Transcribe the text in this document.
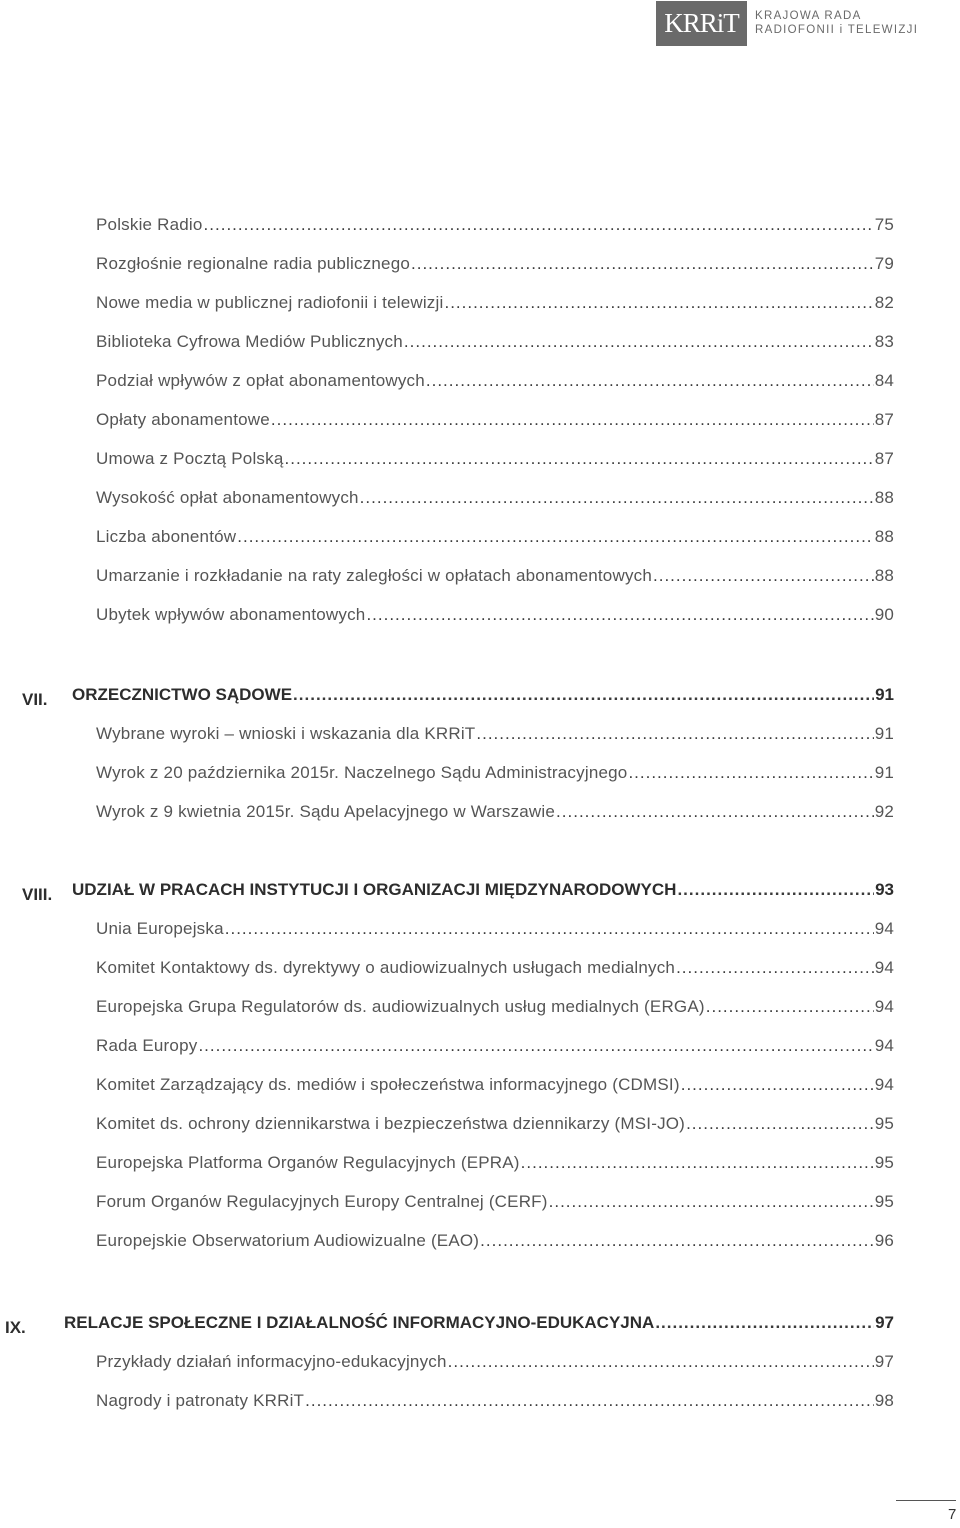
KRRiT	KRAJOWA RADA
RADIOFONII i TELEWIZJI
Polskie Radio .....	75
Rozgłośnie regionalne radia publicznego .....	79
Nowe media w publicznej radiofonii i telewizji .....	82
Biblioteka Cyfrowa Mediów Publicznych .....	83
Podział wpływów z opłat abonamentowych .....	84
Opłaty abonamentowe .....	87
Umowa z Pocztą Polską .....	87
Wysokość opłat abonamentowych .....	88
Liczba abonentów .....	88
Umarzanie i rozkładanie na raty zaległości w opłatach abonamentowych .....	88
Ubytek wpływów abonamentowych .....	90
VII. ORZECZNICTWO SĄDOWE .....	91
Wybrane wyroki – wnioski i wskazania dla KRRiT .....	91
Wyrok z 20 października 2015r. Naczelnego Sądu Administracyjnego .....	91
Wyrok z 9 kwietnia 2015r. Sądu Apelacyjnego w Warszawie .....	92
VIII. UDZIAŁ W PRACACH INSTYTUCJI I ORGANIZACJI MIĘDZYNARODOWYCH .....	93
Unia Europejska .....	94
Komitet Kontaktowy ds. dyrektywy o audiowizualnych usługach medialnych .....	94
Europejska Grupa Regulatorów ds. audiowizualnych usług medialnych (ERGA) .....	94
Rada Europy .....	94
Komitet Zarządzający ds. mediów i społeczeństwa informacyjnego (CDMSI) .....	94
Komitet ds. ochrony dziennikarstwa i bezpieczeństwa dziennikarzy (MSI-JO) .....	95
Europejska Platforma Organów Regulacyjnych (EPRA) .....	95
Forum Organów Regulacyjnych Europy Centralnej (CERF) .....	95
Europejskie Obserwatorium Audiowizualne (EAO) .....	96
IX. RELACJE SPOŁECZNE I DZIAŁALNOŚĆ INFORMACYJNO-EDUKACYJNA .....	97
Przykłady działań informacyjno-edukacyjnych .....	97
Nagrody i patronaty KRRiT .....	98
7
